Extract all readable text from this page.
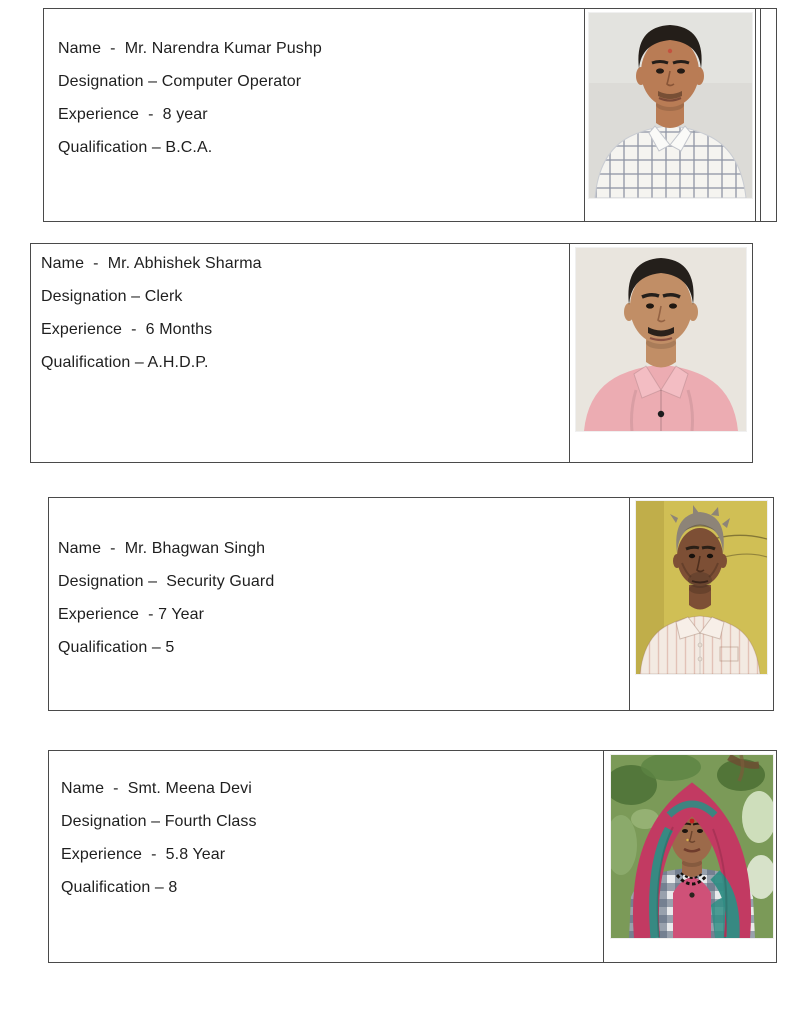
Name  -  Mr. Narendra Kumar Pushp
Designation – Computer Operator
Experience  -  8 year
Qualification – B.C.A.
Name  -  Mr. Abhishek Sharma
Designation – Clerk
Experience  -  6 Months
Qualification – A.H.D.P.
Name  -  Mr. Bhagwan Singh
Designation –  Security Guard
Experience  - 7 Year
Qualification – 5
Name  -  Smt. Meena Devi
Designation – Fourth Class
Experience  -  5.8 Year
Qualification – 8
